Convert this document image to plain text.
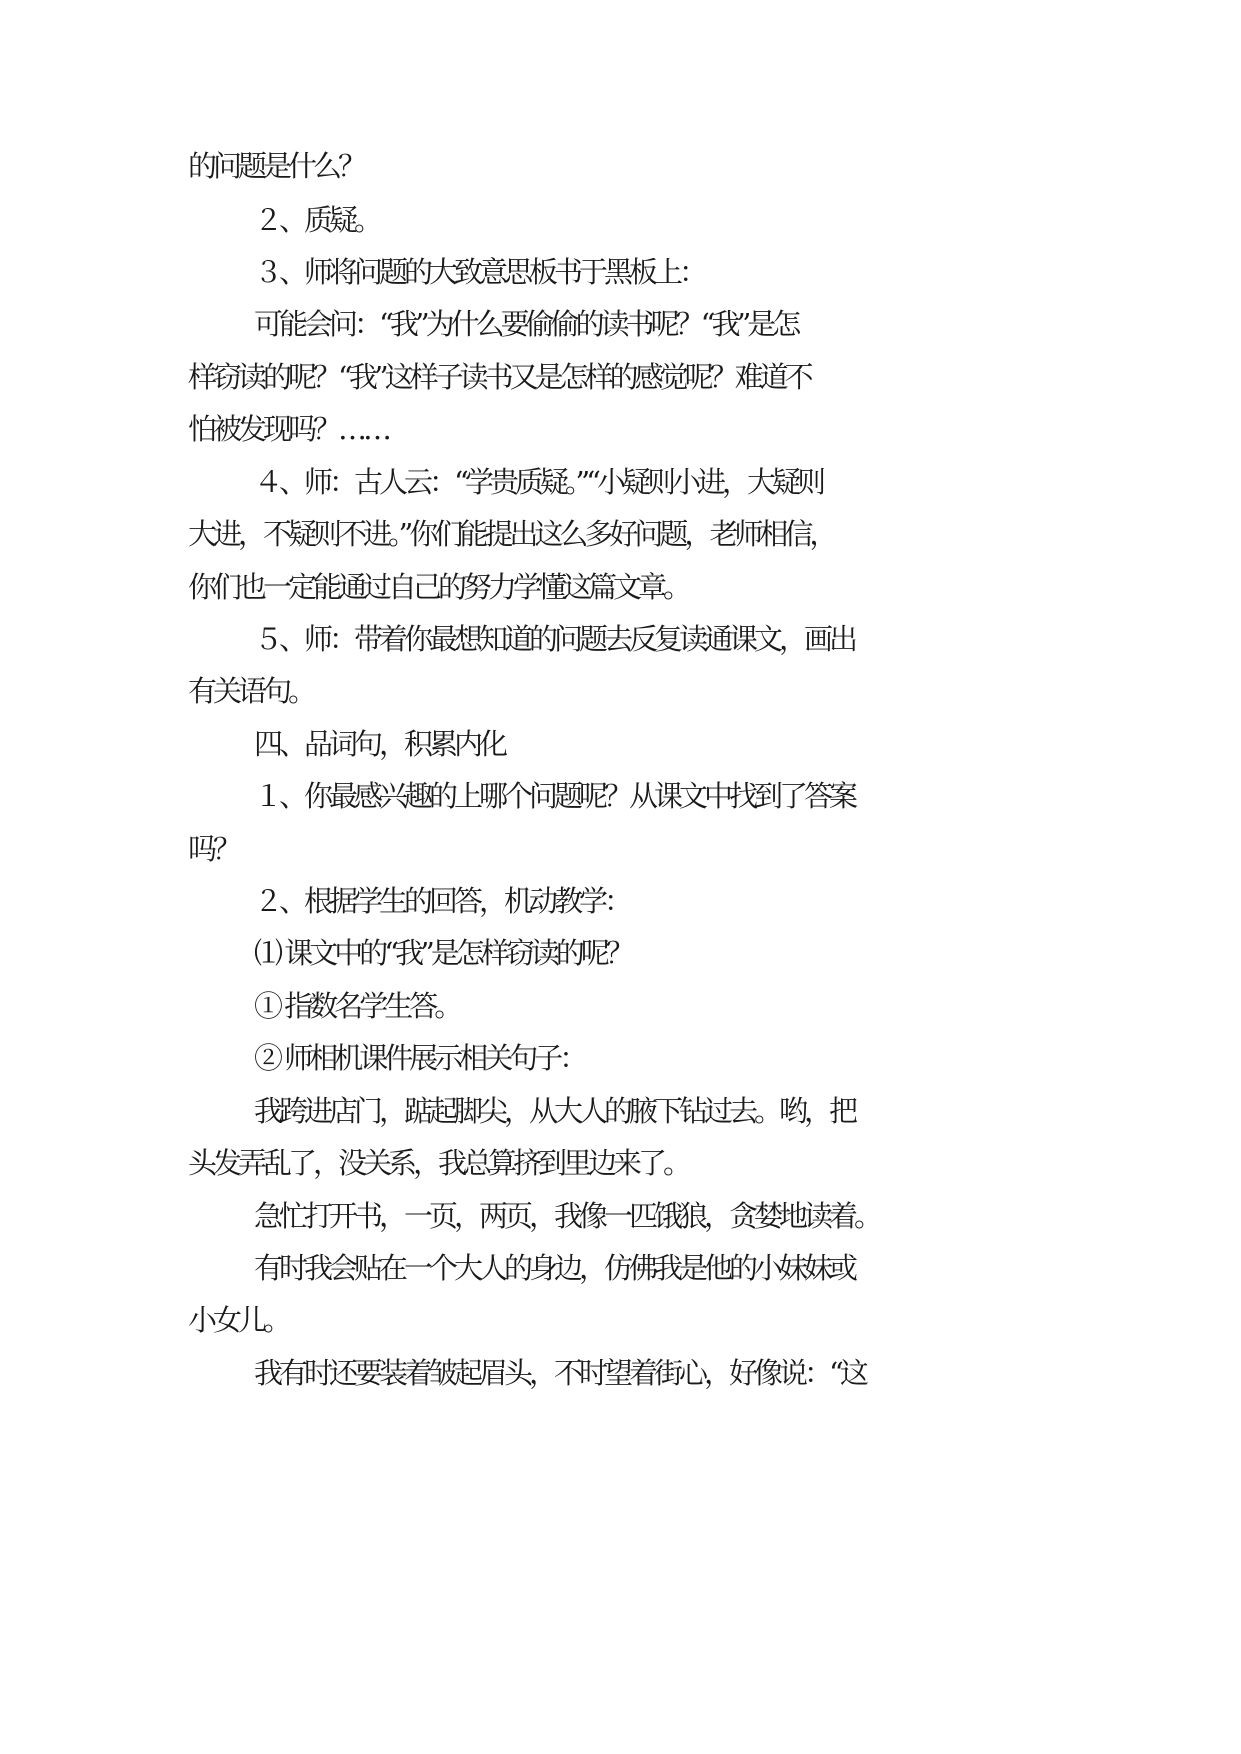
的问题是什么？
２、质疑。
３、师将问题的大致意思板书于黑板上：
可能会问：“我”为什么要偷偷的读书呢？“我”是怎
样窃读的呢？“我”这样子读书又是怎样的感觉呢？难道不
怕被发现吗？……
４、师：古人云：“学贵质疑。”“小疑则小进，大疑则
大进，不疑则不进。”你们能提出这么多好问题，老师相信，
你们也一定能通过自己的努力学懂这篇文章。
５、师：带着你最想知道的问题去反复读通课文，画出
有关语句。
四、品词句，积累内化
１、你最感兴趣的上哪个问题呢？从课文中找到了答案
吗？
２、根据学生的回答，机动教学：
⑴ 课文中的“我”是怎样窃读的呢？
① 指数名学生答。
② 师相机课件展示相关句子：
我跨进店门，踮起脚尖，从大人的腋下钻过去。哟，把
头发弄乱了，没关系，我总算挤到里边来了。
急忙打开书，一页，两页，我像一匹饿狼，贪婪地读着。
有时我会贴在一个大人的身边，仿佛我是他的小妹妹或
小女儿。
我有时还要装着皱起眉头，不时望着街心，好像说：“这
